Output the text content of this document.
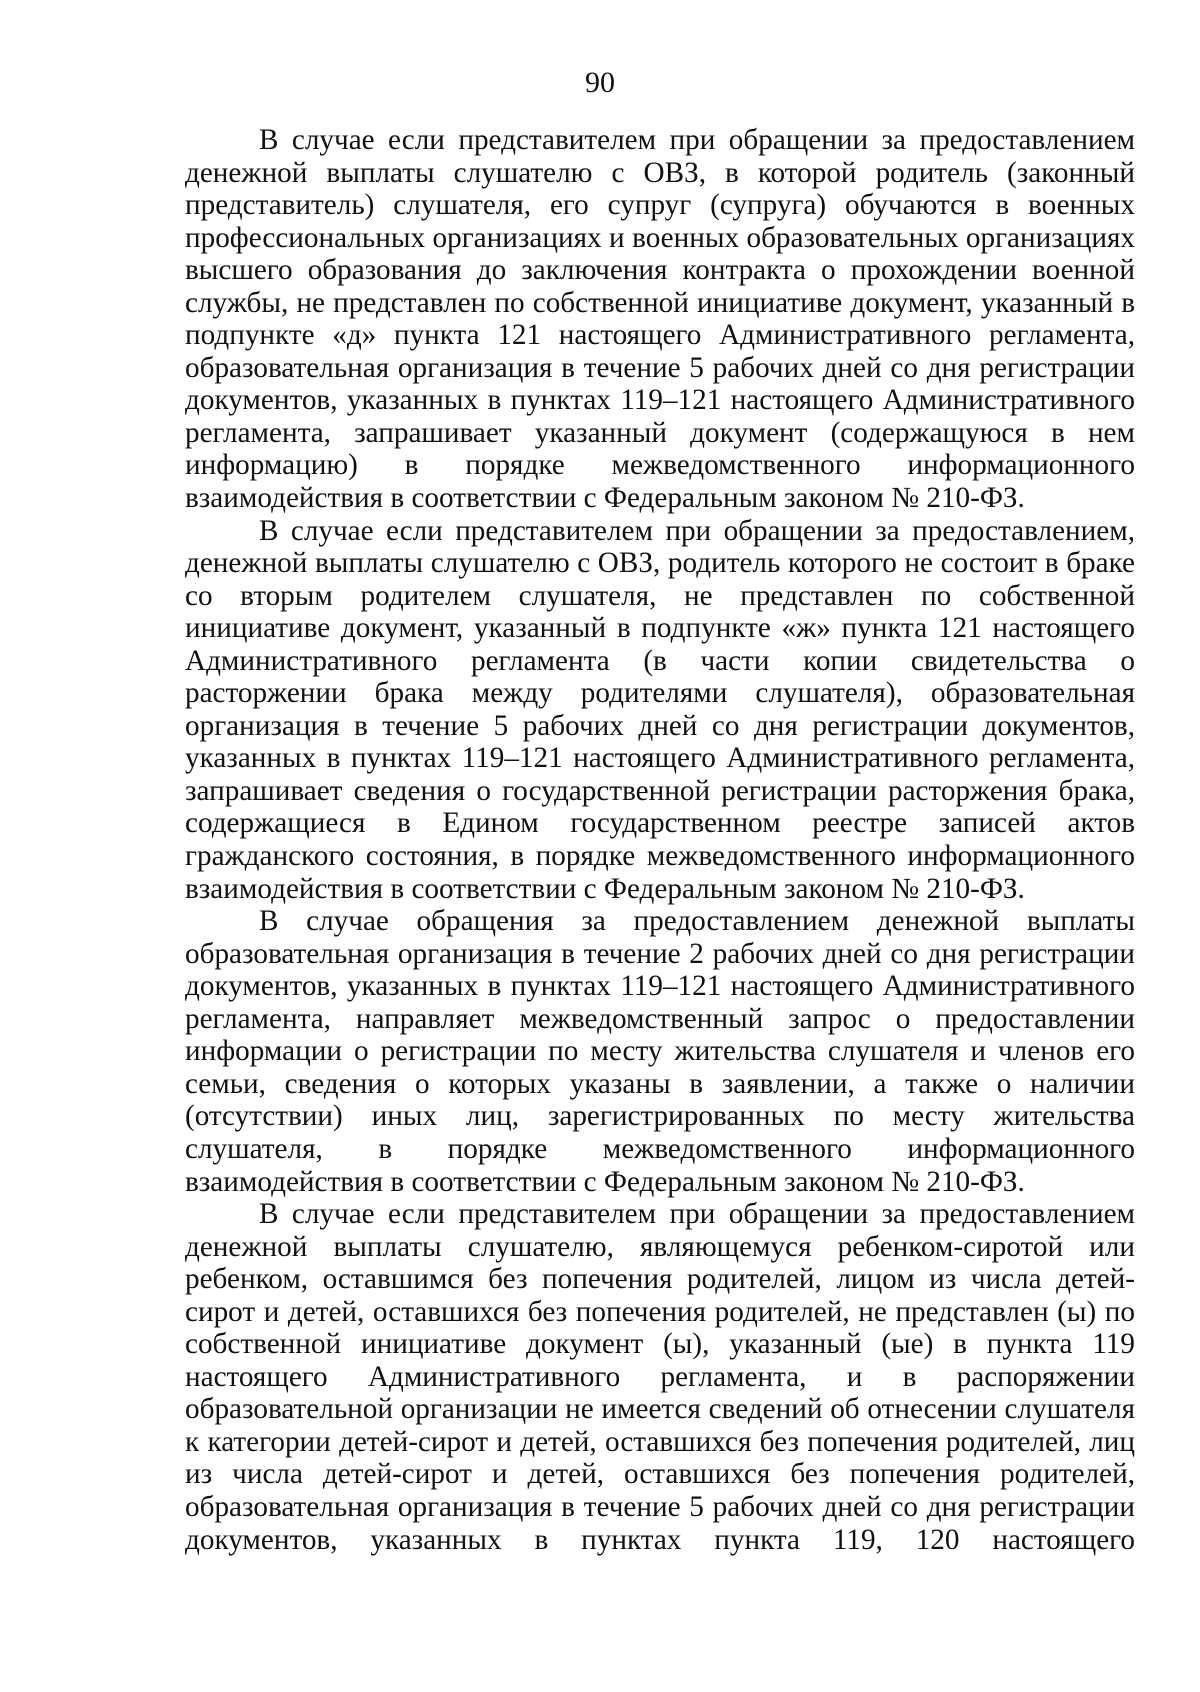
90

В случае если представителем при обращении за предоставлением денежной выплаты слушателю с ОВЗ, в которой родитель (законный представитель) слушателя, его супруг (супруга) обучаются в военных профессиональных организациях и военных образовательных организациях высшего образования до заключения контракта о прохождении военной службы, не представлен по собственной инициативе документ, указанный в подпункте «д» пункта 121 настоящего Административного регламента, образовательная организация в течение 5 рабочих дней со дня регистрации документов, указанных в пунктах 119–121 настоящего Административного регламента, запрашивает указанный документ (содержащуюся в нем информацию) в порядке межведомственного информационного взаимодействия в соответствии с Федеральным законом № 210-ФЗ.

В случае если представителем при обращении за предоставлением, денежной выплаты слушателю с ОВЗ, родитель которого не состоит в браке со вторым родителем слушателя, не представлен по собственной инициативе документ, указанный в подпункте «ж» пункта 121 настоящего Административного регламента (в части копии свидетельства о расторжении брака между родителями слушателя), образовательная организация в течение 5 рабочих дней со дня регистрации документов, указанных в пунктах 119–121 настоящего Административного регламента, запрашивает сведения о государственной регистрации расторжения брака, содержащиеся в Едином государственном реестре записей актов гражданского состояния, в порядке межведомственного информационного взаимодействия в соответствии с Федеральным законом № 210-ФЗ.

В случае обращения за предоставлением денежной выплаты образовательная организация в течение 2 рабочих дней со дня регистрации документов, указанных в пунктах 119–121 настоящего Административного регламента, направляет межведомственный запрос о предоставлении информации о регистрации по месту жительства слушателя и членов его семьи, сведения о которых указаны в заявлении, а также о наличии (отсутствии) иных лиц, зарегистрированных по месту жительства слушателя, в порядке межведомственного информационного взаимодействия в соответствии с Федеральным законом № 210-ФЗ.

В случае если представителем при обращении за предоставлением денежной выплаты слушателю, являющемуся ребенком-сиротой или ребенком, оставшимся без попечения родителей, лицом из числа детей-сирот и детей, оставшихся без попечения родителей, не представлен (ы) по собственной инициативе документ (ы), указанный (ые) в пункта 119 настоящего Административного регламента, и в распоряжении образовательной организации не имеется сведений об отнесении слушателя к категории детей-сирот и детей, оставшихся без попечения родителей, лиц из числа детей-сирот и детей, оставшихся без попечения родителей, образовательная организация в течение 5 рабочих дней со дня регистрации документов, указанных в пунктах пункта 119, 120 настоящего
